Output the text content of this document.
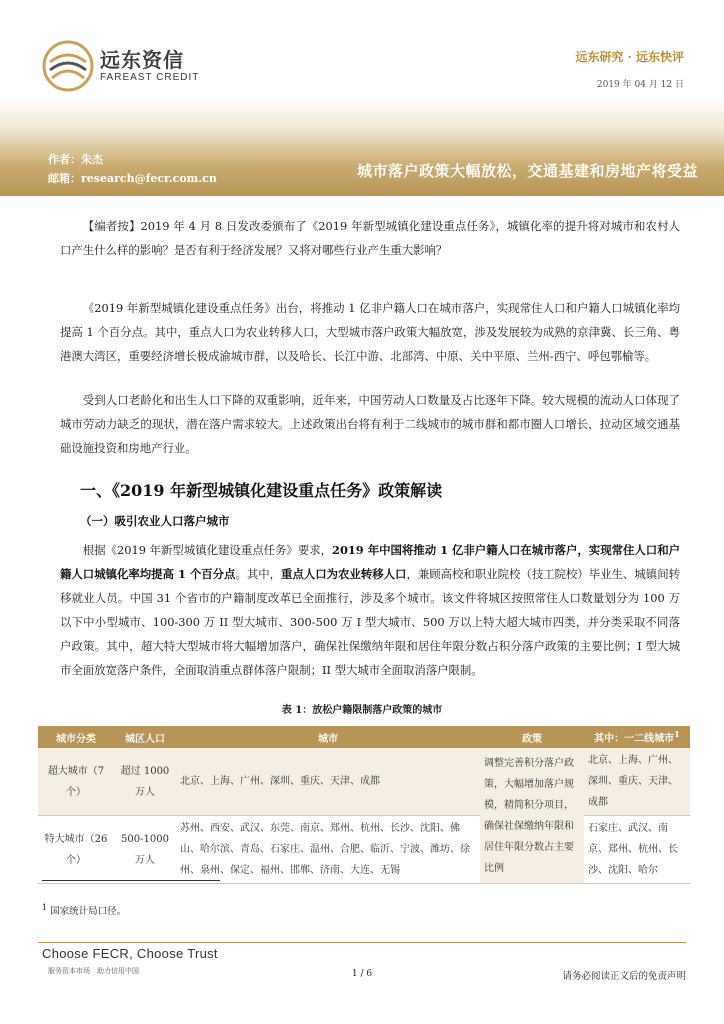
远东资信
FAREAST CREDIT
远东研究 · 远东快评
2019 年 04 月 12 日
作者：朱杰
邮箱：research@fecr.com.cn	城市落户政策大幅放松，交通基建和房地产将受益
【编者按】2019 年 4 月 8 日发改委颁布了《2019 年新型城镇化建设重点任务》，城镇化率的提升将对城市和农村人口产生什么样的影响？是否有利于经济发展？又将对哪些行业产生重大影响？
《2019 年新型城镇化建设重点任务》出台，将推动 1 亿非户籍人口在城市落户，实现常住人口和户籍人口城镇化率均提高 1 个百分点。其中，重点人口为农业转移人口，大型城市落户政策大幅放宽，涉及发展较为成熟的京津冀、长三角、粤港澳大湾区，重要经济增长极成渝城市群，以及哈长、长江中游、北部湾、中原、关中平原、兰州-西宁、呼包鄂榆等。
受到人口老龄化和出生人口下降的双重影响，近年来，中国劳动人口数量及占比逐年下降。较大规模的流动人口体现了城市劳动力缺乏的现状，潜在落户需求较大。上述政策出台将有利于二线城市的城市群和都市圈人口增长，拉动区域交通基础设施投资和房地产行业。
一、《2019 年新型城镇化建设重点任务》政策解读
（一）吸引农业人口落户城市
根据《2019 年新型城镇化建设重点任务》要求，2019 年中国将推动 1 亿非户籍人口在城市落户，实现常住人口和户籍人口城镇化率均提高 1 个百分点。其中，重点人口为农业转移人口，兼顾高校和职业院校（技工院校）毕业生、城镇间转移就业人员。中国 31 个省市的户籍制度改革已全面推行，涉及多个城市。该文件将城区按照常住人口数量划分为 100 万以下中小型城市、100-300 万 II 型大城市、300-500 万 I 型大城市、500 万以上特大超大城市四类，并分类采取不同落户政策。其中，超大特大型城市将大幅增加落户，确保社保缴纳年限和居住年限分数占积分落户政策的主要比例；I 型大城市全面放宽落户条件，全面取消重点群体落户限制；II 型大城市全面取消落户限制。
表 1：放松户籍限制落户政策的城市
城市分类	城区人口	城市	政策	其中：一二线城市$^1$
超大城市（7 个）	超过 1000 万人	北京、上海、广州、深圳、重庆、天津、成都	调整完善积分落户政策，大幅增加落户规模，精简积分项目，确保社保缴纳年限和居住年限分数占主要比例	北京、上海、广州、深圳、重庆、天津、成都
特大城市（26 个）	500-1000 万人	苏州、西安、武汉、东莞、南京、郑州、杭州、长沙、沈阳、佛山、哈尔滨、青岛、石家庄、温州、合肥、临沂、宁波、潍坊、徐州、泉州、保定、福州、邯郸、济南、大连、无锡		石家庄、武汉、南京、郑州、杭州、长沙、沈阳、哈尔
$^1$ 国家统计局口径。
Choose FECR, Choose Trust
服务资本市场　助力信用中国	1 / 6	请务必阅读正文后的免责声明
